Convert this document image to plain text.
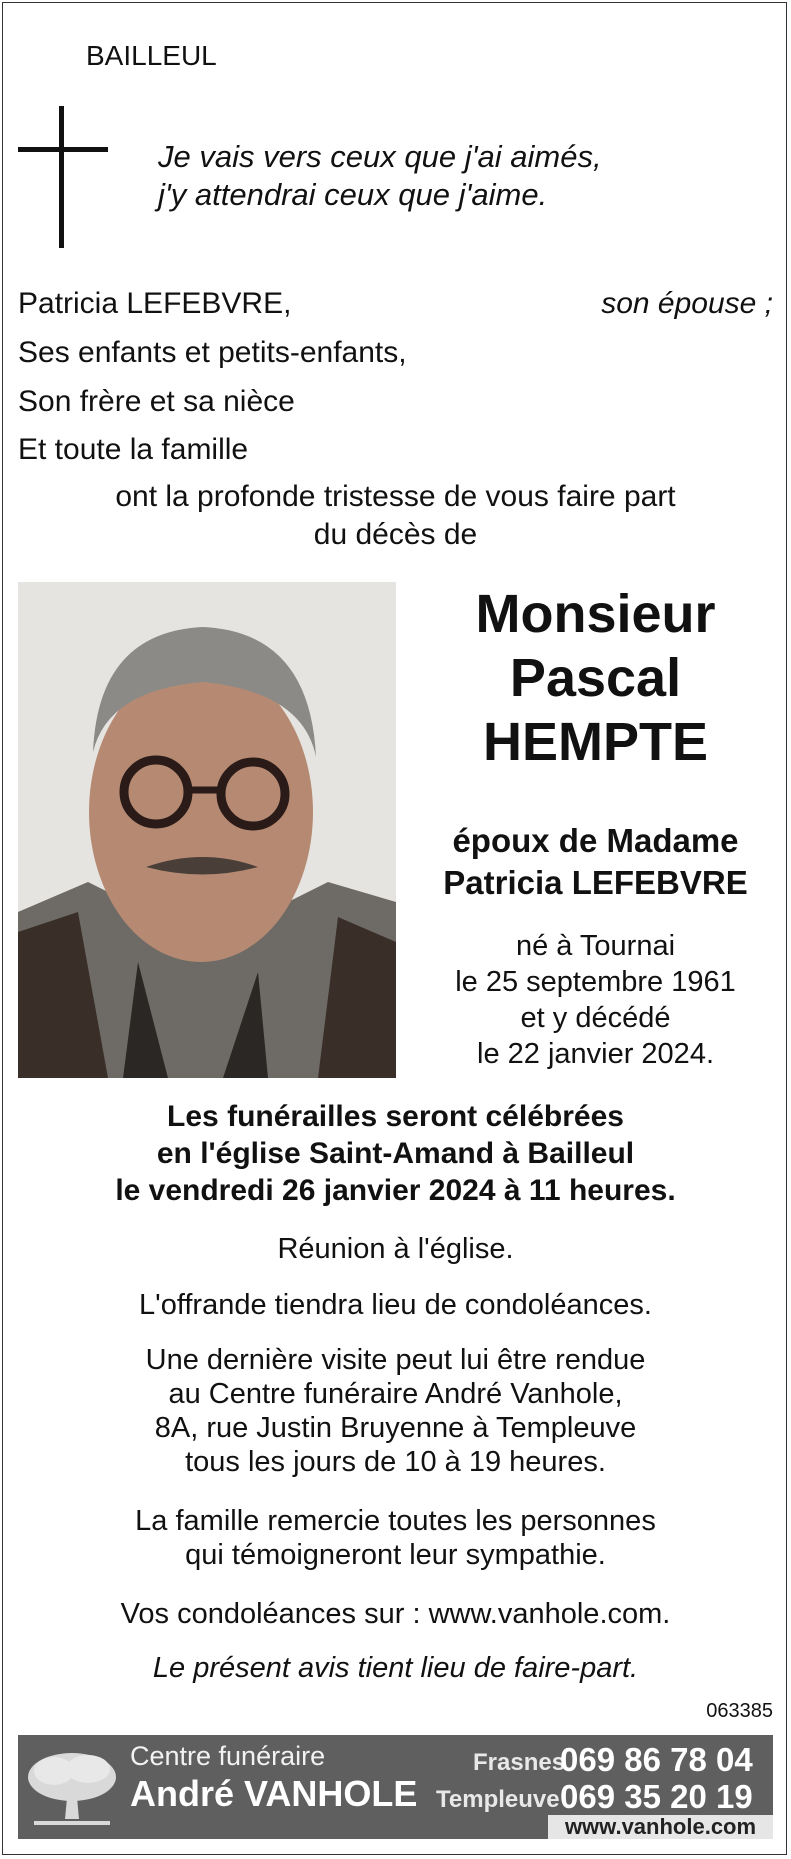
BAILLEUL
Je vais vers ceux que j'ai aimés,
j'y attendrai ceux que j'aime.
Patricia LEFEBVRE,	son épouse ;
Ses enfants et petits-enfants,
Son frère et sa nièce
Et toute la famille
ont la profonde tristesse de vous faire part
du décès de
Monsieur
Pascal
HEMPTE
époux de Madame
Patricia LEFEBVRE
né à Tournai
le 25 septembre 1961
et y décédé
le 22 janvier 2024.
Les funérailles seront célébrées
en l'église Saint-Amand à Bailleul
le vendredi 26 janvier 2024 à 11 heures.
Réunion à l'église.
L'offrande tiendra lieu de condoléances.
Une dernière visite peut lui être rendue
au Centre funéraire André Vanhole,
8A, rue Justin Bruyenne à Templeuve
tous les jours de 10 à 19 heures.
La famille remercie toutes les personnes
qui témoigneront leur sympathie.
Vos condoléances sur : www.vanhole.com.
Le présent avis tient lieu de faire-part.
063385
Centre funéraire
André VANHOLE
Frasnes
069 86 78 04
Templeuve 069 35 20 19
www.vanhole.com
